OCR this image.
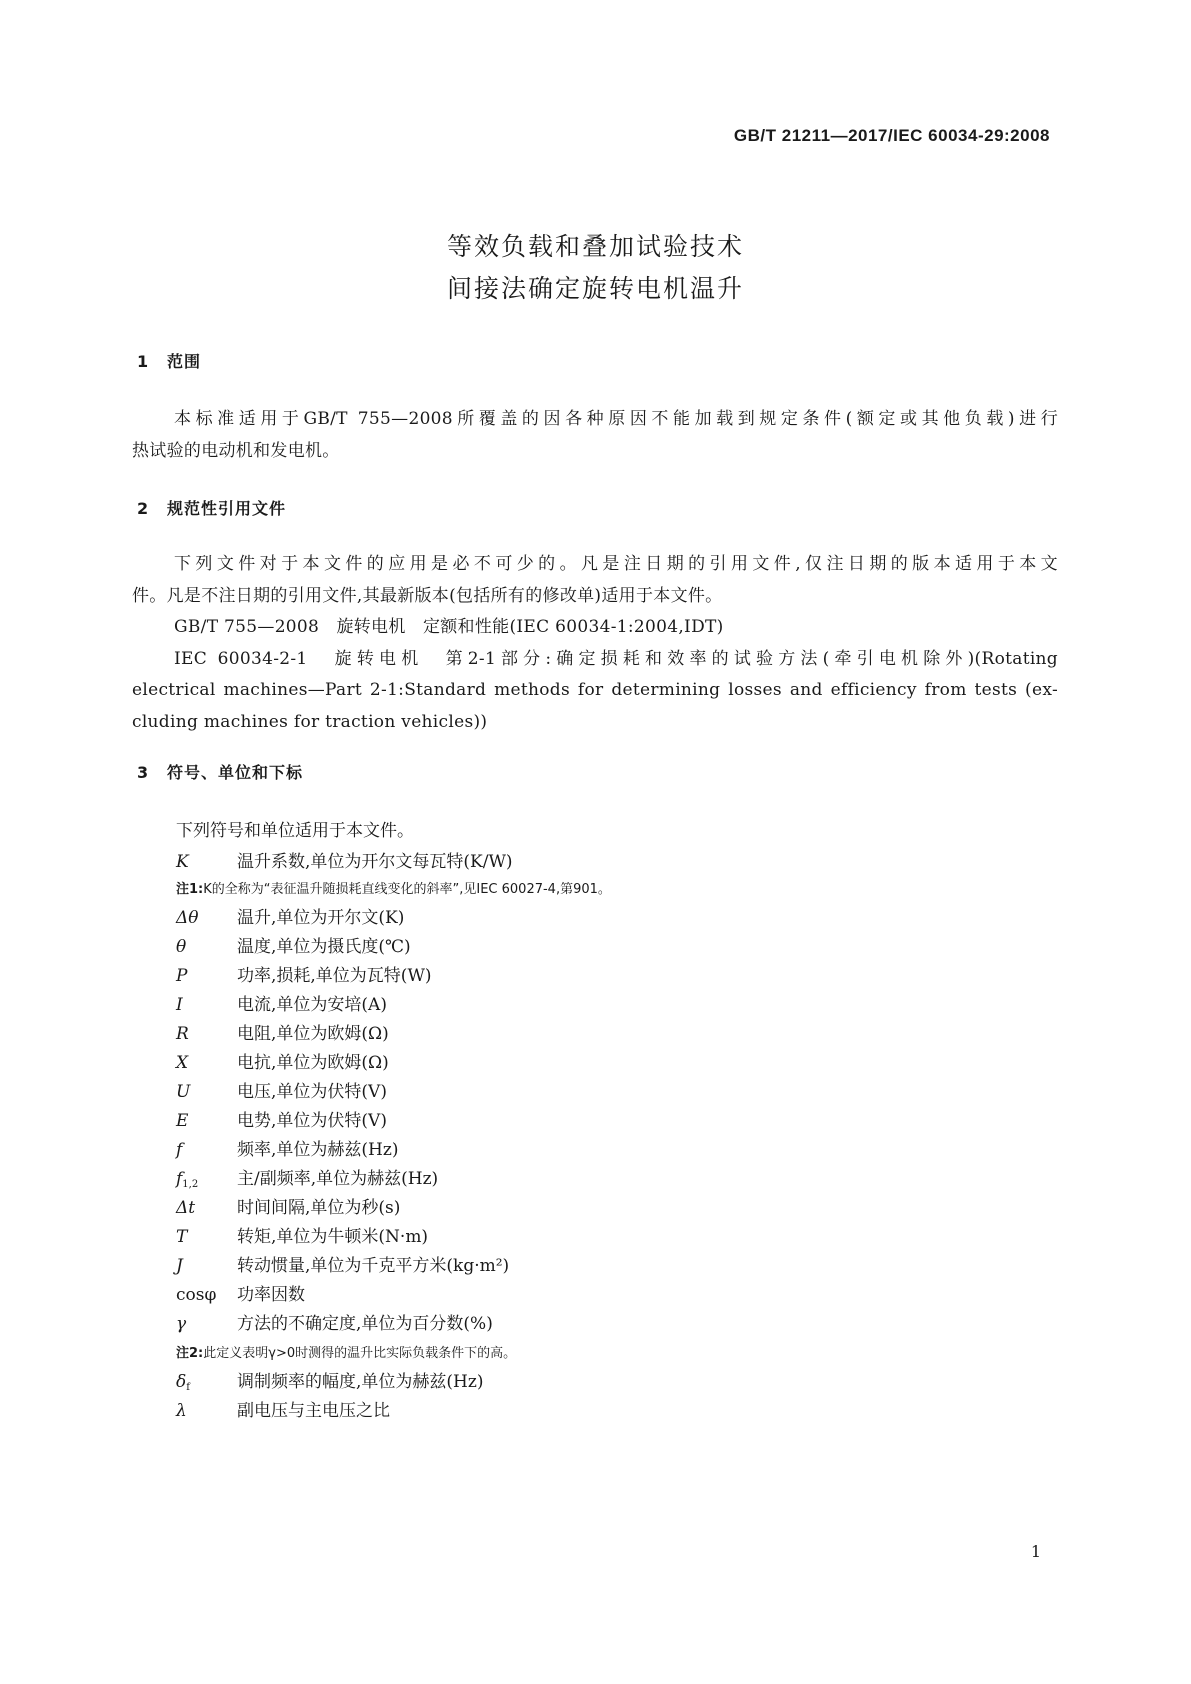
GB/T 21211—2017/IEC 60034-29:2008
等效负载和叠加试验技术
间接法确定旋转电机温升
1 范围

本标准适用于GB/T 755—2008所覆盖的因各种原因不能加载到规定条件(额定或其他负载)进行

热试验的电动机和发电机。
2 规范性引用文件

下列文件对于本文件的应用是必不可少的。凡是注日期的引用文件,仅注日期的版本适用于本文

件。凡是不注日期的引用文件,其最新版本(包括所有的修改单)适用于本文件。

GB/T 755—2008　旋转电机　定额和性能(IEC 60034-1:2004,IDT)

IEC 60034-2-1　旋转电机　第2-1部分:确定损耗和效率的试验方法(牵引电机除外)(Rotating

electrical machines—Part 2-1:Standard methods for determining losses and efficiency from tests (ex-
cluding machines for traction vehicles))
3 符号、单位和下标
下列符号和单位适用于本文件。
K	温升系数,单位为开尔文每瓦特(K/W)
注1:K的全称为“表征温升随损耗直线变化的斜率”,见IEC 60027-4,第901。
Δθ 温升,单位为开尔文(K)
θ	温度,单位为摄氏度(℃)
P	功率,损耗,单位为瓦特(W)
I	电流,单位为安培(A)
R	电阻,单位为欧姆(Ω)
X	电抗,单位为欧姆(Ω)
U	电压,单位为伏特(V)
E	电势,单位为伏特(V)
f	频率,单位为赫兹(Hz)
$f_{1,2}$ 主/副频率,单位为赫兹(Hz)
Δt 时间间隔,单位为秒(s)
T	转矩,单位为牛顿米(N·m)
J	转动惯量,单位为千克平方米(kg·m²)
cosφ 功率因数
γ	方法的不确定度,单位为百分数(%)
注2:此定义表明γ>0时测得的温升比实际负载条件下的高。
$\delta_f$	调制频率的幅度,单位为赫兹(Hz)
λ	副电压与主电压之比
1
